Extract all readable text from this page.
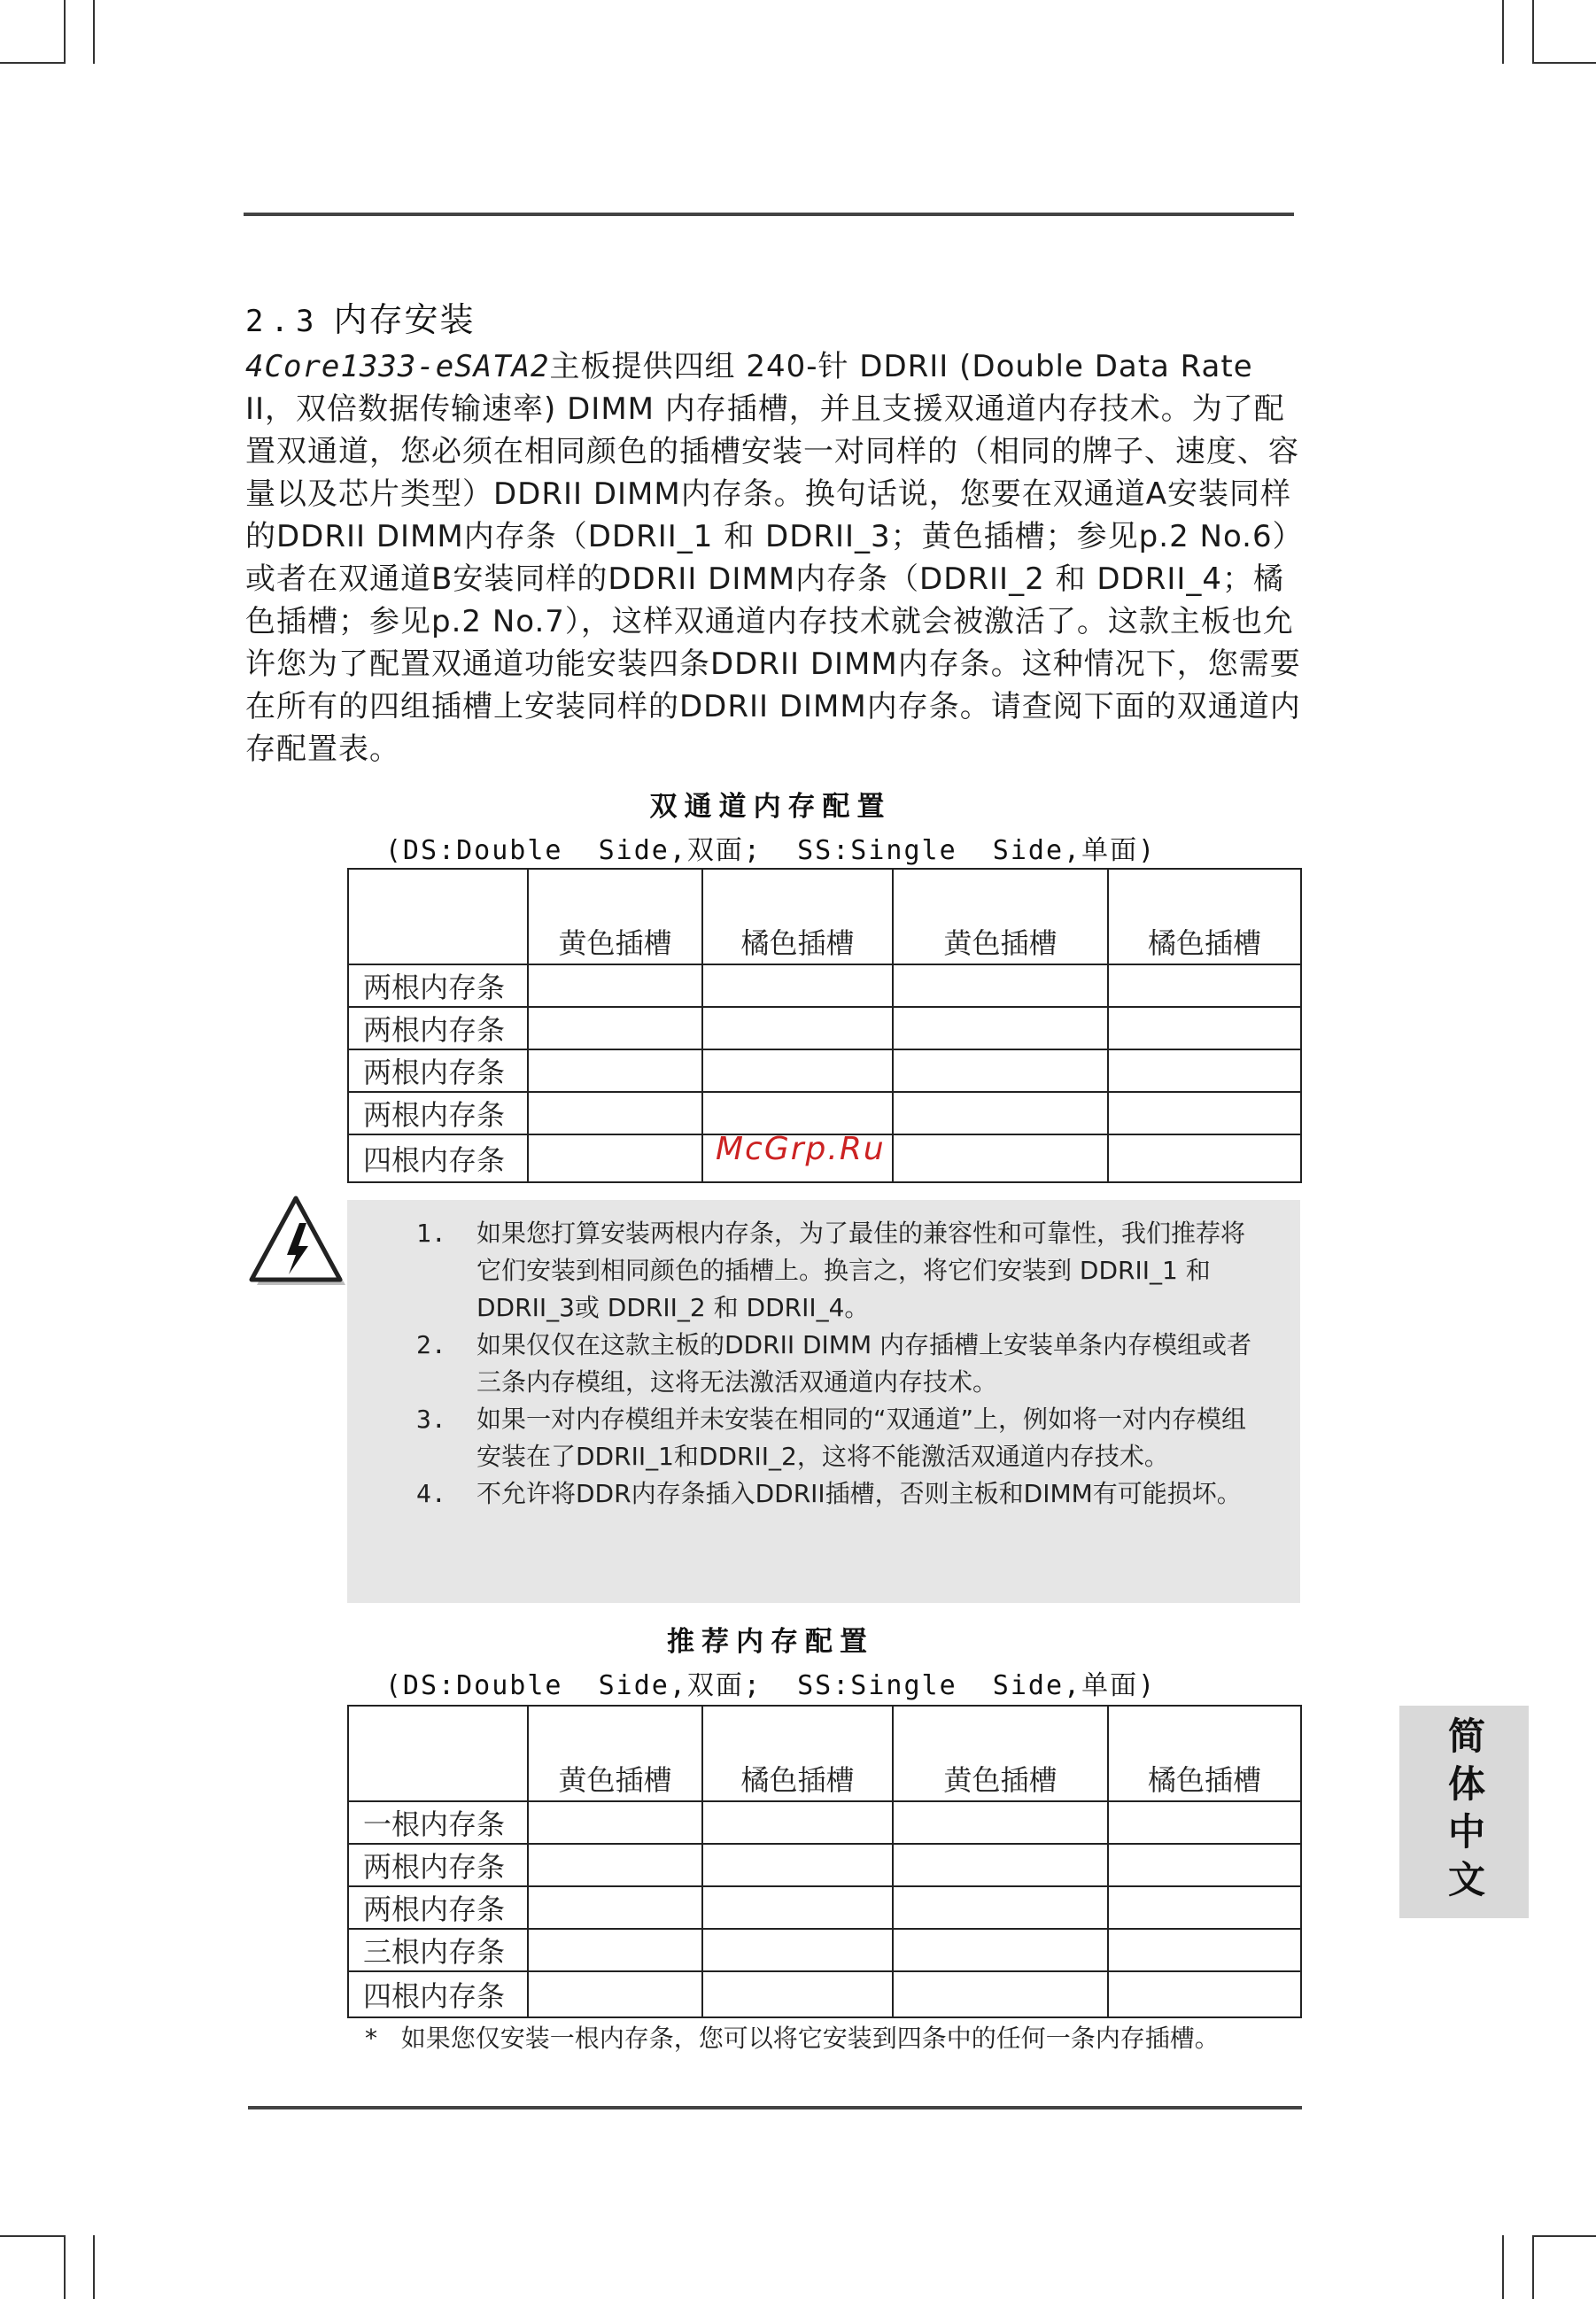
2.3 内存安装
4Core1333-eSATA2主板提供四组 240-针 DDRII (Double Data Rate II，双倍数据传输速率) DIMM 内存插槽，并且支援双通道内存技术。为了配置双通道，您必须在相同颜色的插槽安装一对同样的（相同的牌子、速度、容量以及芯片类型）DDRII DIMM内存条。换句话说，您要在双通道A安装同样的DDRII DIMM内存条（DDRII_1 和 DDRII_3；黄色插槽；参见p.2 No.6）或者在双通道B安装同样的DDRII DIMM内存条（DDRII_2 和 DDRII_4；橘色插槽；参见p.2 No.7），这样双通道内存技术就会被激活了。这款主板也允许您为了配置双通道功能安装四条DDRII DIMM内存条。这种情况下，您需要在所有的四组插槽上安装同样的DDRII DIMM内存条。请查阅下面的双通道内存配置表。
双通道内存配置
(DS:Double  Side,双面;  SS:Single  Side,单面)
	黄色插槽	橘色插槽	黄色插槽	橘色插槽
两根内存条				
两根内存条				
两根内存条				
两根内存条				
四根内存条					McGrp.Ru
1.	如果您打算安装两根内存条，为了最佳的兼容性和可靠性，我们推荐将它们安装到相同颜色的插槽上。换言之，将它们安装到 DDRII_1 和 DDRII_3或 DDRII_2 和 DDRII_4。
2.	如果仅仅在这款主板的DDRII DIMM 内存插槽上安装单条内存模组或者三条内存模组，这将无法激活双通道内存技术。
3.	如果一对内存模组并未安装在相同的“双通道”上，例如将一对内存模组安装在了DDRII_1和DDRII_2，这将不能激活双通道内存技术。
4.	不允许将DDR内存条插入DDRII插槽，否则主板和DIMM有可能损坏。
推荐内存配置
(DS:Double  Side,双面;  SS:Single  Side,单面)
	黄色插槽	橘色插槽	黄色插槽	橘色插槽
一根内存条				
两根内存条				
两根内存条				
三根内存条				
四根内存条				
*   如果您仅安装一根内存条，您可以将它安装到四条中的任何一条内存插槽。
简体中文
